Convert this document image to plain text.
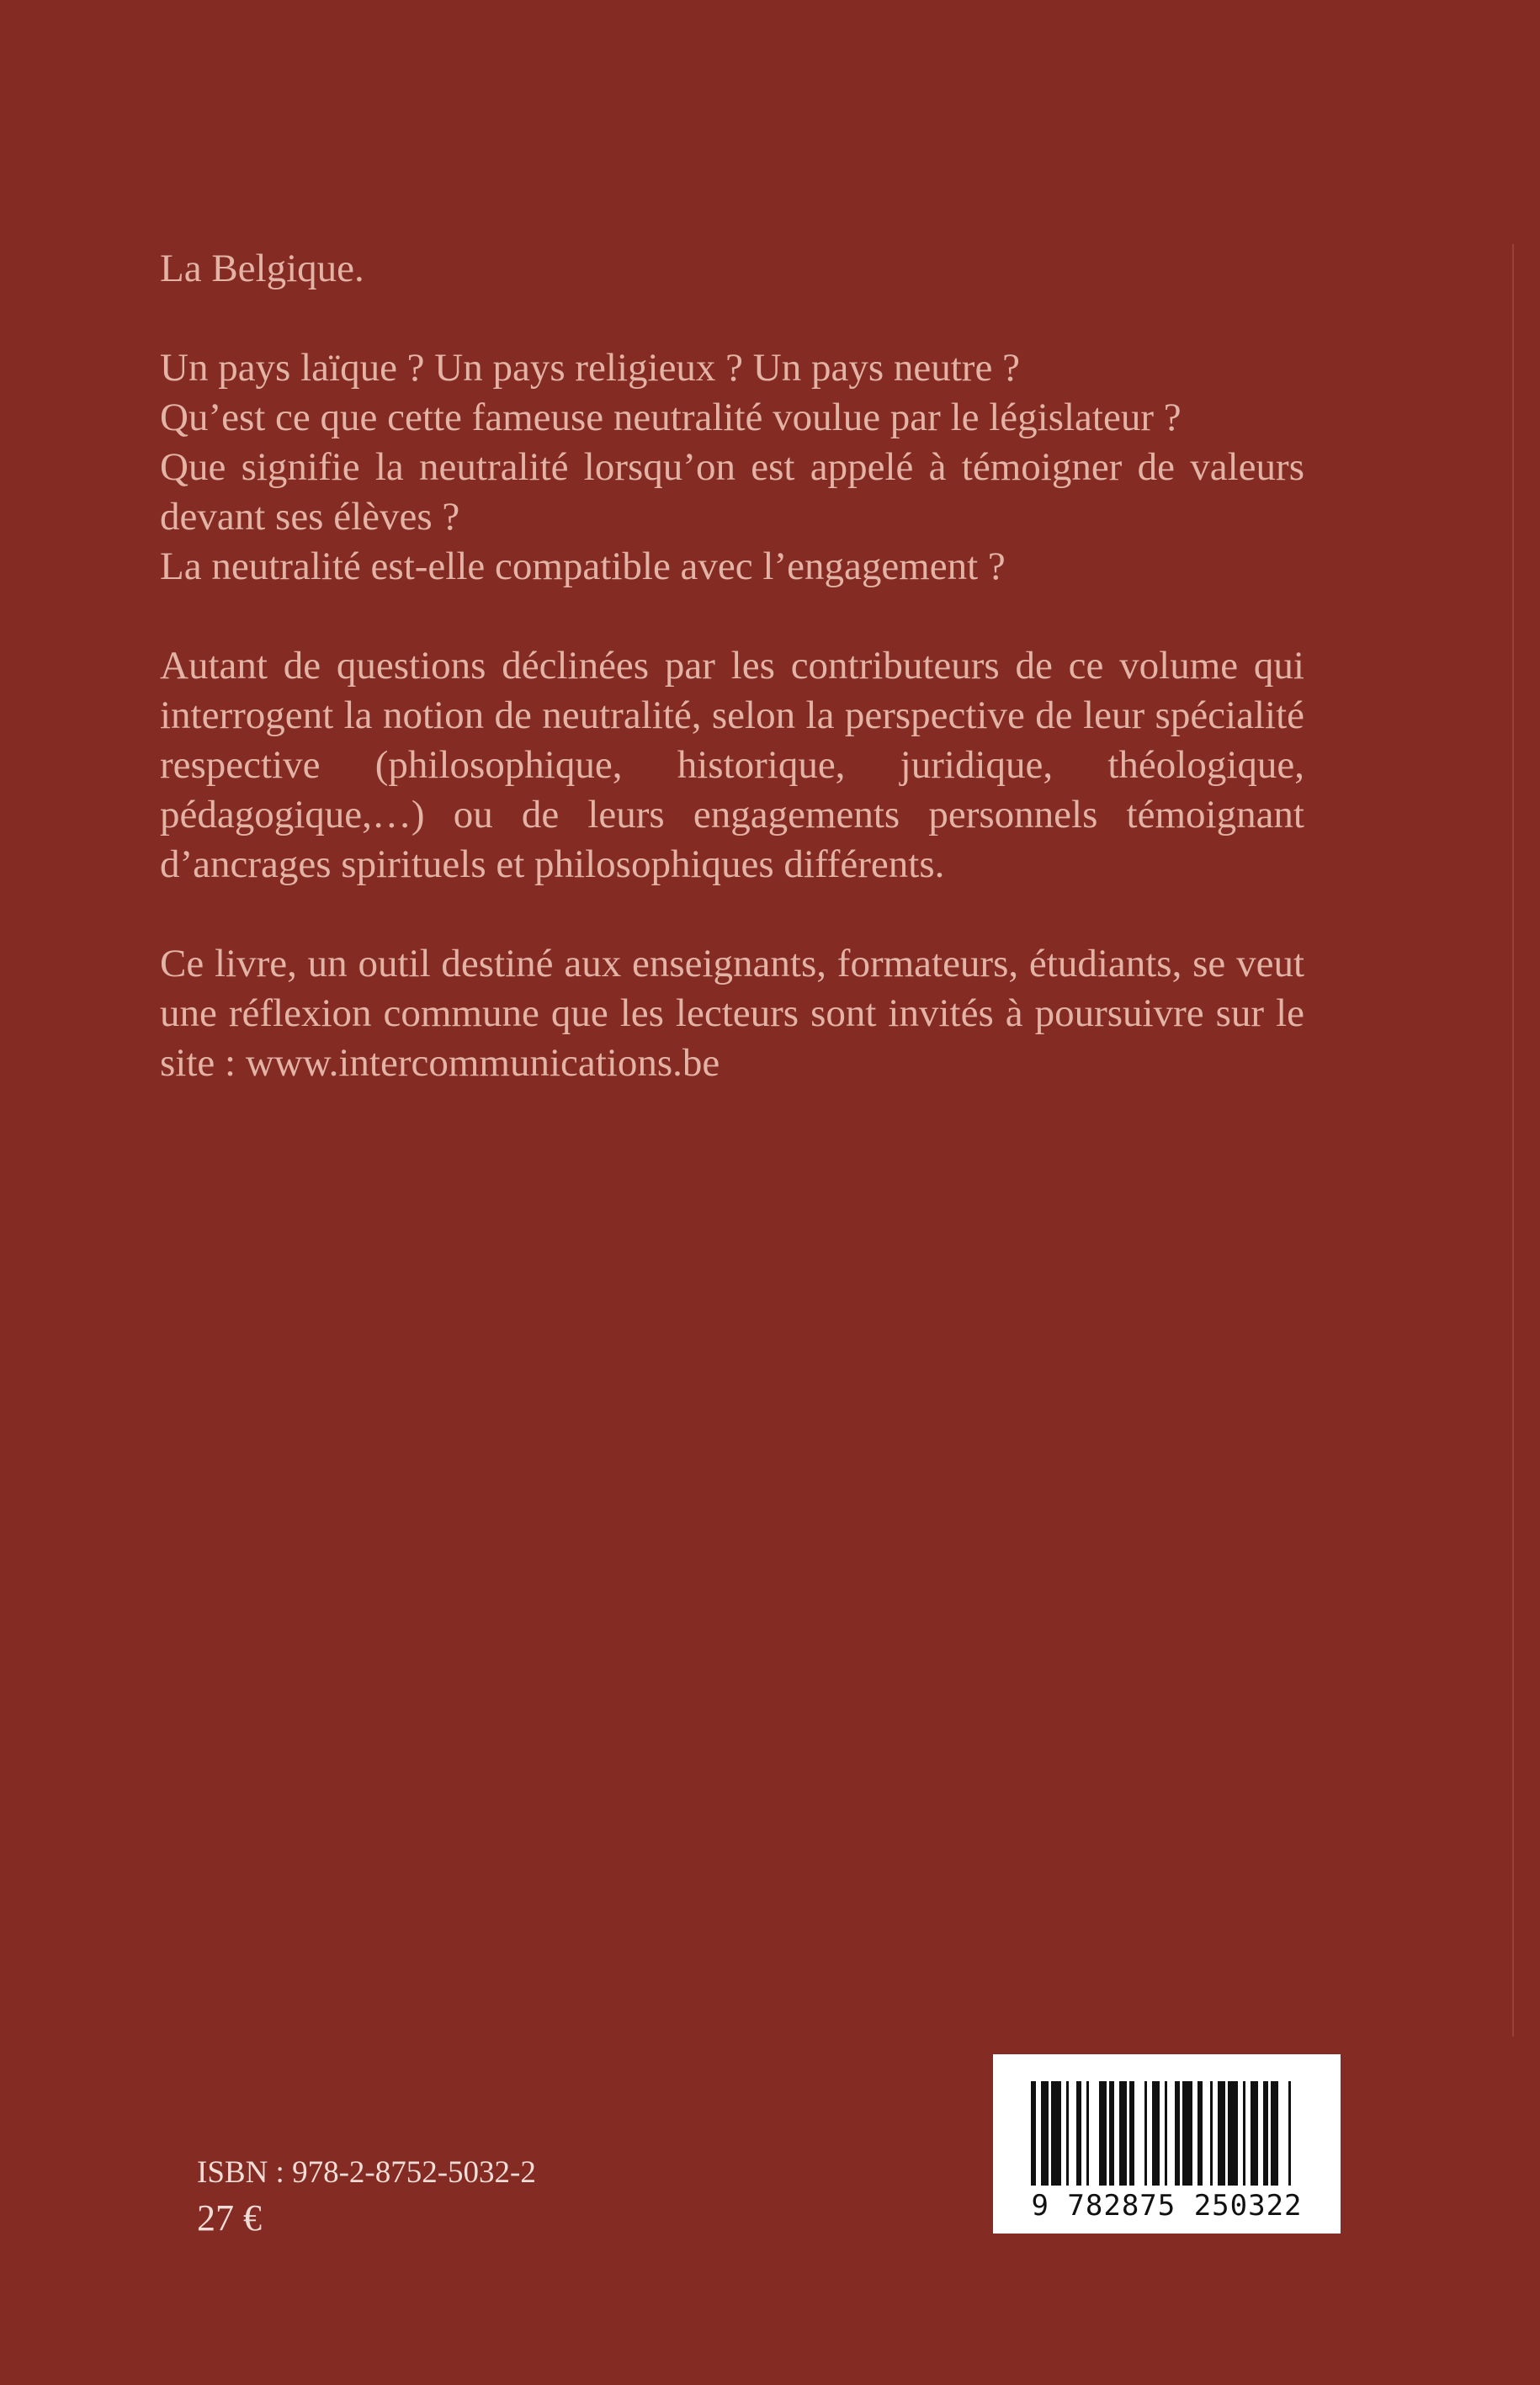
La Belgique.

Un pays laïque ? Un pays religieux ? Un pays neutre ?

Qu’est ce que cette fameuse neutralité voulue par le législateur ?

Que signifie la neutralité lorsqu’on est appelé à témoigner de valeurs devant ses élèves ?

La neutralité est-elle compatible avec l’engagement ?

Autant de questions déclinées par les contributeurs de ce volume qui interrogent la notion de neutralité, selon la perspective de leur spécialité respective (philosophique, historique, juridique, théologique, pédagogique,…) ou de leurs engagements personnels témoignant d’ancrages spirituels et philosophiques différents.

Ce livre, un outil destiné aux enseignants, formateurs, étudiants, se veut une réflexion commune que les lecteurs sont invités à poursuivre sur le site : www.intercommunications.be

ISBN : 978-2-8752-5032-2
27 €	9 782875 250322
